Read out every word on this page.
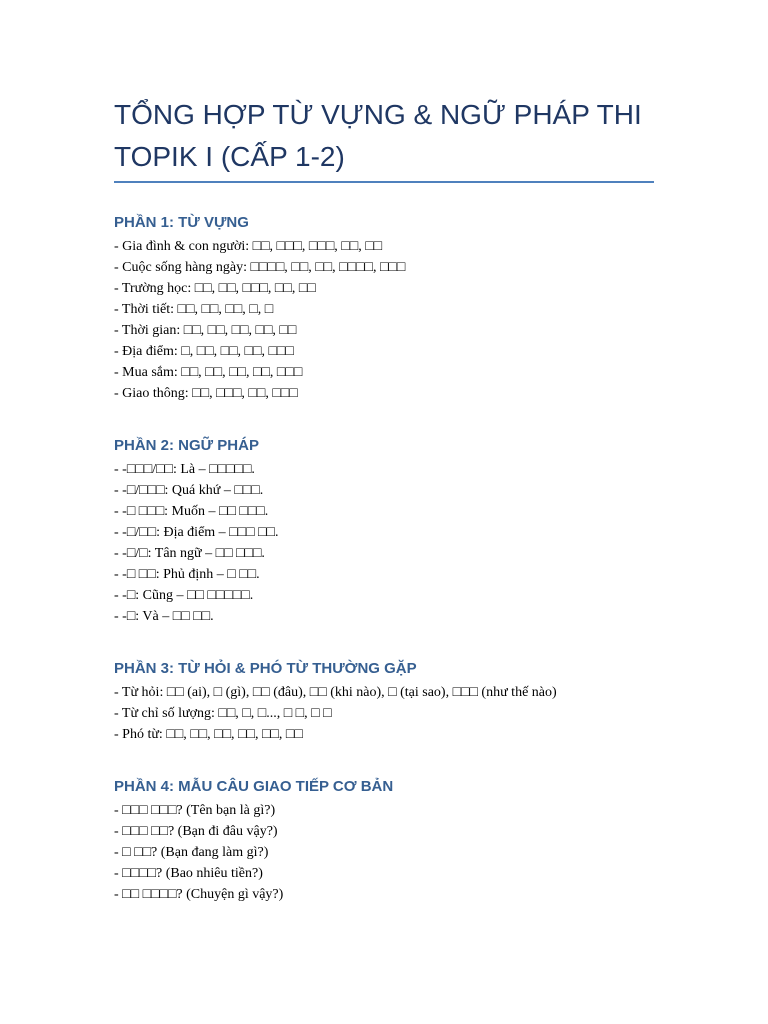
TỔNG HỢP TỪ VỰNG & NGỮ PHÁP THI TOPIK I (CẤP 1-2)
PHẦN 1: TỪ VỰNG
- Gia đình & con người: □□, □□□, □□□, □□, □□
- Cuộc sống hàng ngày: □□□□, □□, □□, □□□□, □□□
- Trường học: □□, □□, □□□, □□, □□
- Thời tiết: □□, □□, □□, □, □
- Thời gian: □□, □□, □□, □□, □□
- Địa điểm: □, □□, □□, □□, □□□
- Mua sắm: □□, □□, □□, □□, □□□
- Giao thông: □□, □□□, □□, □□□
PHẦN 2: NGỮ PHÁP
- -□□□/□□: Là – □□□□□.
- -□/□□□: Quá khứ – □□□.
- -□ □□□: Muốn – □□ □□□.
- -□/□□: Địa điểm – □□□ □□.
- -□/□: Tân ngữ – □□ □□□.
- -□ □□: Phủ định – □ □□.
- -□: Cũng – □□ □□□□□.
- -□: Và – □□ □□.
PHẦN 3: TỪ HỎI & PHÓ TỪ THƯỜNG GẶP
- Từ hỏi: □□ (ai), □ (gì), □□ (đâu), □□ (khi nào), □ (tại sao), □□□ (như thế nào)
- Từ chỉ số lượng: □□, □, □..., □ □, □ □
- Phó từ: □□, □□, □□, □□, □□, □□
PHẦN 4: MẪU CÂU GIAO TIẾP CƠ BẢN
- □□□ □□□? (Tên bạn là gì?)
- □□□ □□? (Bạn đi đâu vậy?)
- □ □□? (Bạn đang làm gì?)
- □□□□? (Bao nhiêu tiền?)
- □□ □□□□? (Chuyện gì vậy?)
